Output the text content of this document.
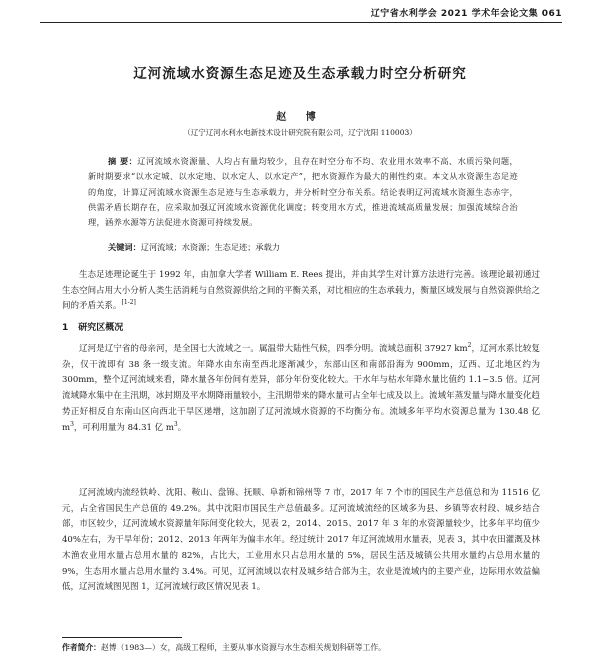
辽宁省水利学会 2021 学术年会论文集 061
辽河流域水资源生态足迹及生态承载力时空分析研究
赵 博
（辽宁辽河水利水电新技术设计研究院有限公司，辽宁沈阳 110003）
摘 要：辽河流域水资源量、人均占有量均较少，且存在时空分布不均、农业用水效率不高、水质污染问题，新时期要求“以水定城、以水定地、以水定人、以水定产”，把水资源作为最大的刚性约束。本文从水资源生态足迹的角度，计算辽河流域水资源生态足迹与生态承载力，并分析时空分布关系。结论表明辽河流域水资源生态赤字，供需矛盾长期存在，应采取加强辽河流域水资源优化调度；转变用水方式，推进流域高质量发展；加强流域综合治理，涵养水源等方法促进水资源可持续发展。
关键词：辽河流域；水资源；生态足迹；承载力
生态足迹理论诞生于 1992 年，由加拿大学者 William E. Rees 提出，并由其学生对计算方法进行完善。该理论最初通过生态空间占用大小分析人类生活消耗与自然资源供给之间的平衡关系，对比相应的生态承载力，衡量区域发展与自然资源供给之间的矛盾关系。[1-2]
1 研究区概况
辽河是辽宁省的母亲河，是全国七大流域之一。属温带大陆性气候，四季分明。流域总面积 37927 $km^2$，辽河水系比较复杂，仅干流即有 38 条一级支流。年降水由东南至西北逐渐减少，东部山区和南部沿海为 900mm，辽西、辽北地区约为 300mm，整个辽河流域来看，降水量各年份间有差异，部分年份变化较大。干水年与枯水年降水量比值约 1.1~3.5 倍。辽河流域降水集中在主汛期，冰封期及平水期降雨量较小，主汛期带来的降水量可占全年七成及以上。流域年蒸发量与降水量变化趋势正好相反自东南山区向西北干旱区递增，这加剧了辽河流域水资源的不均衡分布。流域多年平均水资源总量为 130.48 亿 $m^3$，可利用量为 84.31 亿 $m^3$。
辽河流域内流经铁岭、沈阳、鞍山、盘锦、抚顺、阜新和锦州等 7 市，2017 年 7 个市的国民生产总值总和为 11516 亿元，占全省国民生产总值的 49.2%。其中沈阳市国民生产总值最多。辽河流域流经的区域多为县、乡镇等农村段、城乡结合部，市区较少，辽河流域水资源量年际间变化较大，见表 2，2014、2015、2017 年 3 年的水资源量较少，比多年平均值少 40%左右，为干旱年份；2012、2013 年两年为偏丰水年。经过统计 2017 年辽河流域用水量表，见表 3，其中农田灌溉及林木渔农业用水量占总用水量的 82%，占比大，工业用水只占总用水量的 5%，居民生活及城镇公共用水量约占总用水量的 9%，生态用水量占总用水量约 3.4%。可见，辽河流域以农村及城乡结合部为主，农业是流域内的主要产业，边际用水效益偏低，辽河流域图见图 1，辽河流域行政区情况见表 1。
作者简介：赵博（1983—）女，高级工程师，主要从事水资源与水生态相关规划科研等工作。
